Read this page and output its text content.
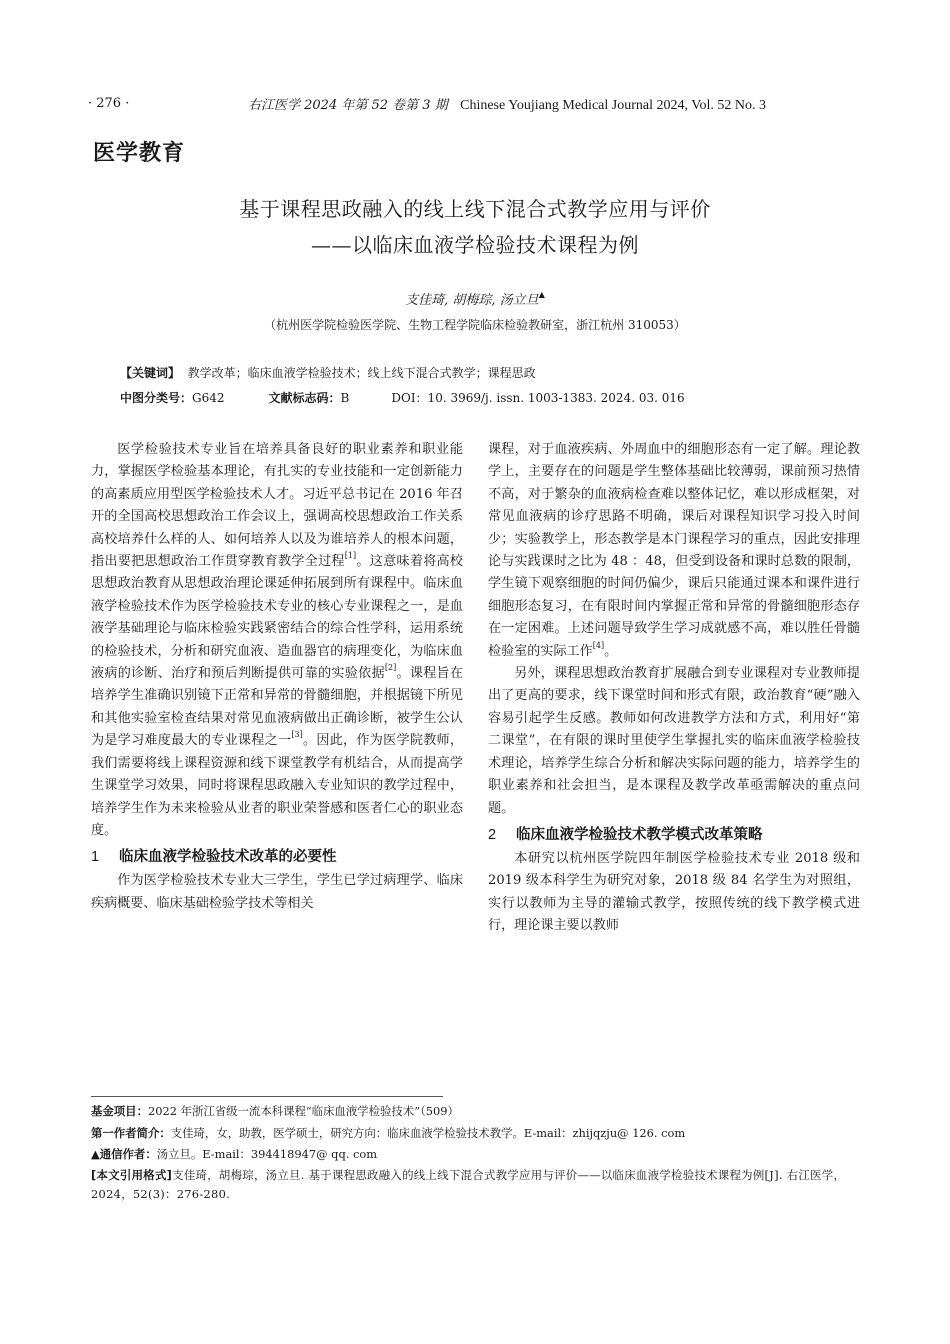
· 276 ·	右江医学 2024 年第 52 卷第 3 期 Chinese Youjiang Medical Journal 2024, Vol. 52 No. 3
医学教育
基于课程思政融入的线上线下混合式教学应用与评价
——以临床血液学检验技术课程为例
支佳琦, 胡梅琮, 汤立旦▲
（杭州医学院检验医学院、生物工程学院临床检验教研室，浙江杭州 310053）
【关键词】 教学改革；临床血液学检验技术；线上线下混合式教学；课程思政
中图分类号：G642	文献标志码：B	DOI：10. 3969/j. issn. 1003-1383. 2024. 03. 016

医学检验技术专业旨在培养具备良好的职业素养和职业能力，掌握医学检验基本理论，有扎实的专业技能和一定创新能力的高素质应用型医学检验技术人才。习近平总书记在 2016 年召开的全国高校思想政治工作会议上，强调高校思想政治工作关系高校培养什么样的人、如何培养人以及为谁培养人的根本问题，指出要把思想政治工作贯穿教育教学全过程[1]。这意味着将高校思想政治教育从思想政治理论课延伸拓展到所有课程中。临床血液学检验技术作为医学检验技术专业的核心专业课程之一，是血液学基础理论与临床检验实践紧密结合的综合性学科，运用系统的检验技术，分析和研究血液、造血器官的病理变化，为临床血液病的诊断、治疗和预后判断提供可靠的实验依据[2]。课程旨在培养学生准确识别镜下正常和异常的骨髓细胞，并根据镜下所见和其他实验室检查结果对常见血液病做出正确诊断，被学生公认为是学习难度最大的专业课程之一[3]。因此，作为医学院教师，我们需要将线上课程资源和线下课堂教学有机结合，从而提高学生课堂学习效果，同时将课程思政融入专业知识的教学过程中，培养学生作为未来检验从业者的职业荣誉感和医者仁心的职业态度。

1 临床血液学检验技术改革的必要性

作为医学检验技术专业大三学生，学生已学过病理学、临床疾病概要、临床基础检验学技术等相关

课程，对于血液疾病、外周血中的细胞形态有一定了解。理论教学上，主要存在的问题是学生整体基础比较薄弱，课前预习热情不高，对于繁杂的血液病检查难以整体记忆，难以形成框架，对常见血液病的诊疗思路不明确，课后对课程知识学习投入时间少；实验教学上，形态教学是本门课程学习的重点，因此安排理论与实践课时之比为 48 ：48，但受到设备和课时总数的限制，学生镜下观察细胞的时间仍偏少，课后只能通过课本和课件进行细胞形态复习，在有限时间内掌握正常和异常的骨髓细胞形态存在一定困难。上述问题导致学生学习成就感不高，难以胜任骨髓检验室的实际工作[4]。

另外，课程思想政治教育扩展融合到专业课程对专业教师提出了更高的要求，线下课堂时间和形式有限，政治教育“硬”融入容易引起学生反感。教师如何改进教学方法和方式，利用好“第二课堂”，在有限的课时里使学生掌握扎实的临床血液学检验技术理论，培养学生综合分析和解决实际问题的能力，培养学生的职业素养和社会担当，是本课程及教学改革亟需解决的重点问题。

2 临床血液学检验技术教学模式改革策略

本研究以杭州医学院四年制医学检验技术专业 2018 级和 2019 级本科学生为研究对象，2018 级 84 名学生为对照组，实行以教师为主导的灌输式教学，按照传统的线下教学模式进行，理论课主要以教师

基金项目：2022 年浙江省级一流本科课程“临床血液学检验技术”（509）
第一作者简介：支佳琦，女，助教，医学硕士，研究方向：临床血液学检验技术教学。E-mail：zhijqzju@ 126. com
▲通信作者：汤立旦。E-mail：394418947@ qq. com
[本文引用格式]支佳琦，胡梅琮，汤立旦. 基于课程思政融入的线上线下混合式教学应用与评价——以临床血液学检验技术课程为例[J]. 右江医学，2024，52(3)：276-280.
